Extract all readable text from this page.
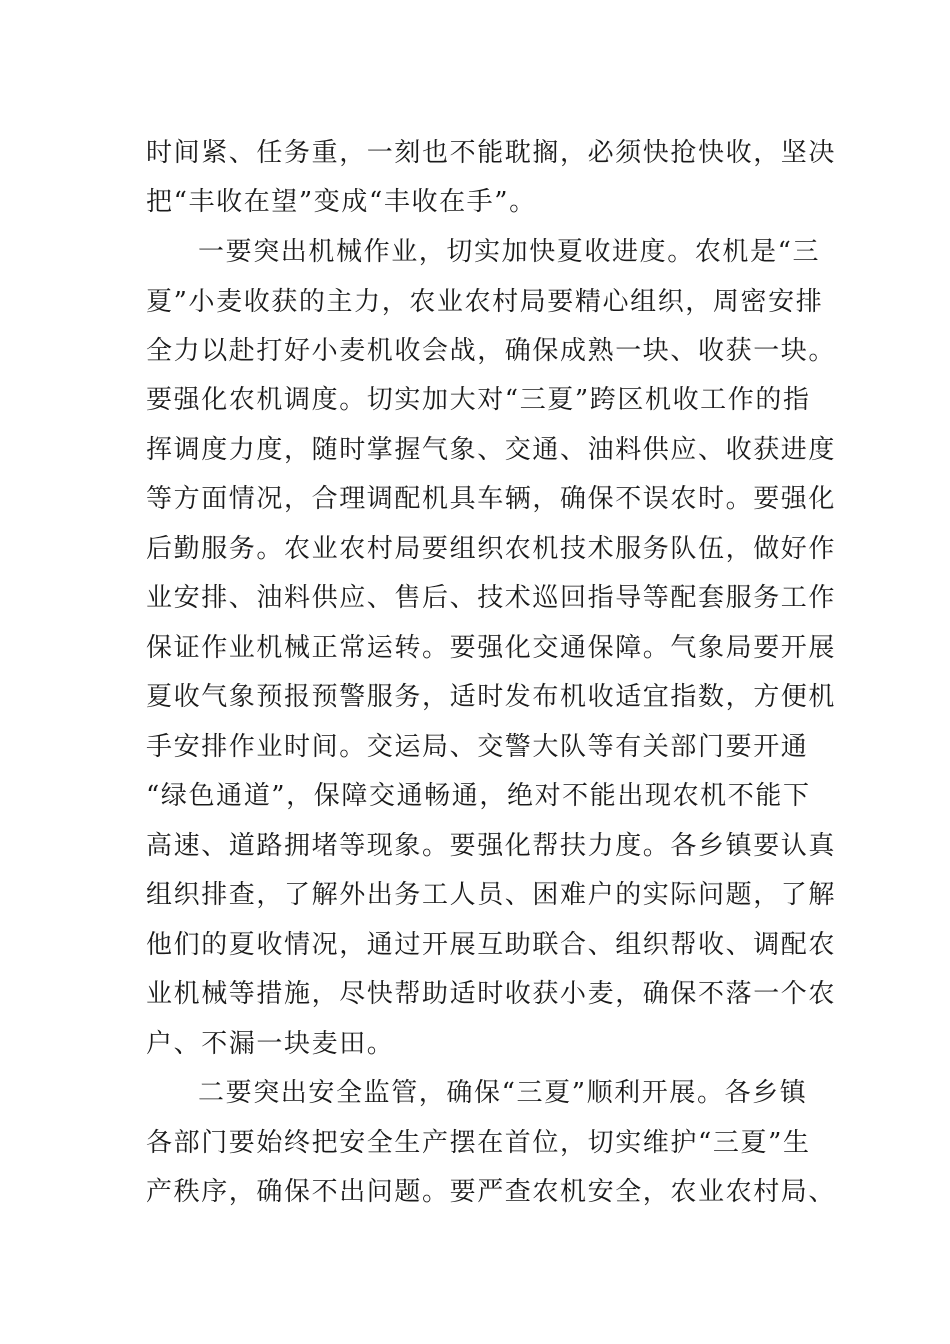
时间紧、任务重，一刻也不能耽搁，必须快抢快收，坚决
把“丰收在望”变成“丰收在手”。
一要突出机械作业，切实加快夏收进度。农机是“三
夏”小麦收获的主力，农业农村局要精心组织，周密安排
全力以赴打好小麦机收会战，确保成熟一块、收获一块。
要强化农机调度。切实加大对“三夏”跨区机收工作的指
挥调度力度，随时掌握气象、交通、油料供应、收获进度
等方面情况，合理调配机具车辆，确保不误农时。要强化
后勤服务。农业农村局要组织农机技术服务队伍，做好作
业安排、油料供应、售后、技术巡回指导等配套服务工作
保证作业机械正常运转。要强化交通保障。气象局要开展
夏收气象预报预警服务，适时发布机收适宜指数，方便机
手安排作业时间。交运局、交警大队等有关部门要开通
“绿色通道”，保障交通畅通，绝对不能出现农机不能下
高速、道路拥堵等现象。要强化帮扶力度。各乡镇要认真
组织排查，了解外出务工人员、困难户的实际问题，了解
他们的夏收情况，通过开展互助联合、组织帮收、调配农
业机械等措施，尽快帮助适时收获小麦，确保不落一个农
户、不漏一块麦田。
二要突出安全监管，确保“三夏”顺利开展。各乡镇
各部门要始终把安全生产摆在首位，切实维护“三夏”生
产秩序，确保不出问题。要严查农机安全，农业农村局、
